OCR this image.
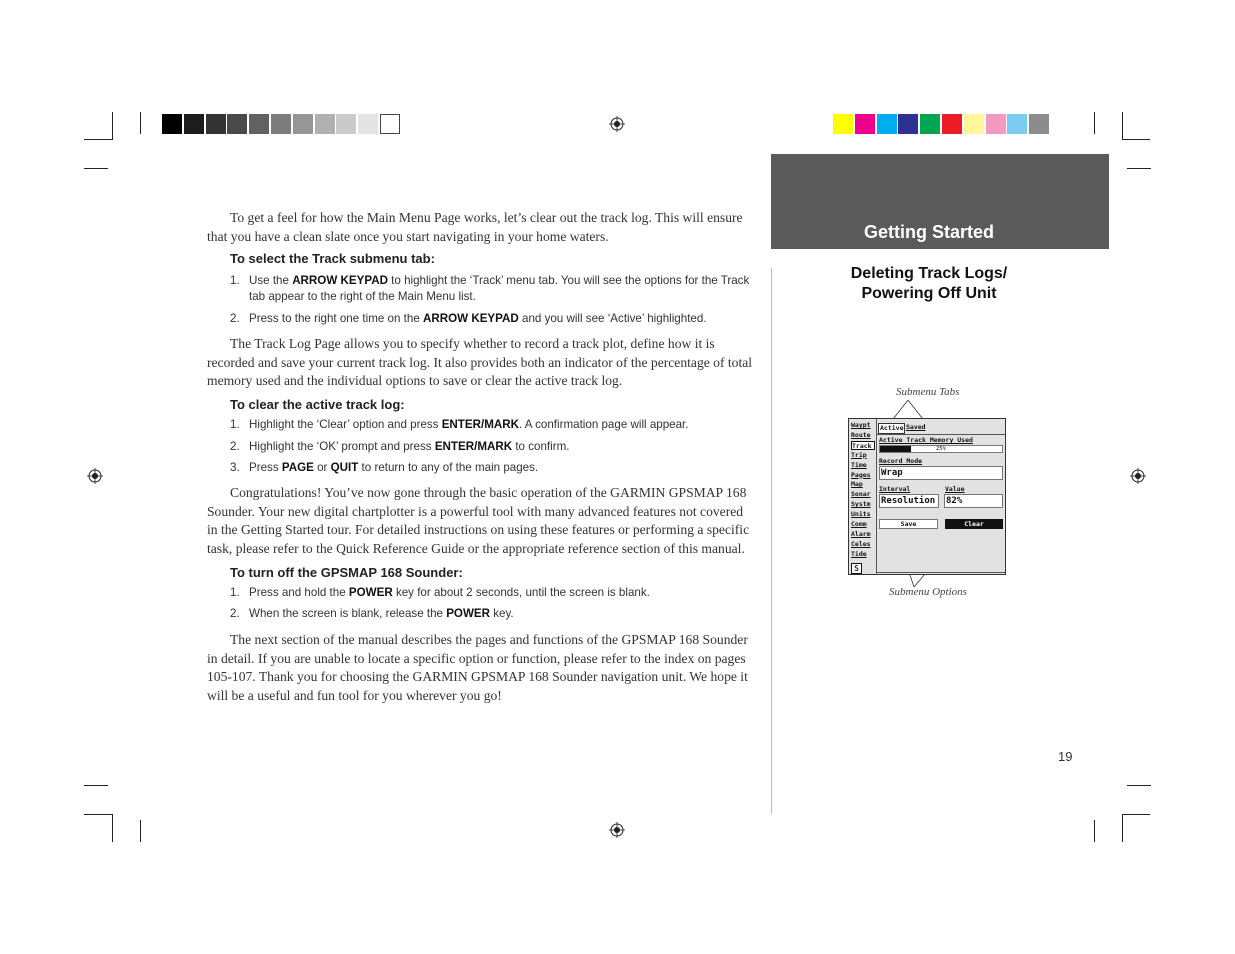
To get a feel for how the Main Menu Page works, let’s clear out the track log. This will ensure that you have a clean slate once you start navigating in your home waters.
To select the Track submenu tab:
1. Use the ARROW KEYPAD to highlight the ‘Track’ menu tab. You will see the options for the Track tab appear to the right of the Main Menu list.
2. Press to the right one time on the ARROW KEYPAD and you will see ‘Active’ highlighted.
The Track Log Page allows you to specify whether to record a track plot, define how it is recorded and save your current track log. It also provides both an indicator of the percentage of total memory used and the individual options to save or clear the active track log.
To clear the active track log:
1. Highlight the ‘Clear’ option and press ENTER/MARK. A confirmation page will appear.
2. Highlight the ‘OK’ prompt and press ENTER/MARK to confirm.
3. Press PAGE or QUIT to return to any of the main pages.
Congratulations! You’ve now gone through the basic operation of the GARMIN GPSMAP 168 Sounder. Your new digital chartplotter is a powerful tool with many advanced features not covered in the Getting Started tour. For detailed instructions on using these features or performing a specific task, please refer to the Quick Reference Guide or the appropriate reference section of this manual.
To turn off the GPSMAP 168 Sounder:
1. Press and hold the POWER key for about 2 seconds, until the screen is blank.
2. When the screen is blank, release the POWER key.
The next section of the manual describes the pages and functions of the GPSMAP 168 Sounder in detail. If you are unable to locate a specific option or function, please refer to the index on pages 105-107. Thank you for choosing the GARMIN GPSMAP 168 Sounder navigation unit. We hope it will be a useful and fun tool for you wherever you go!
Getting Started
Deleting Track Logs/
Powering Off Unit
Submenu Tabs
Submenu Options
Waypt
Route
Track
Trip
Time
Pages
Map
Sonar
Systm
Units
Comm
Alarm
Celes
Tide
S
Active Saved
Active Track Memory Used
25%
Record Mode
Wrap
Interval	Value
Resolution	82%
Save	Clear
19
